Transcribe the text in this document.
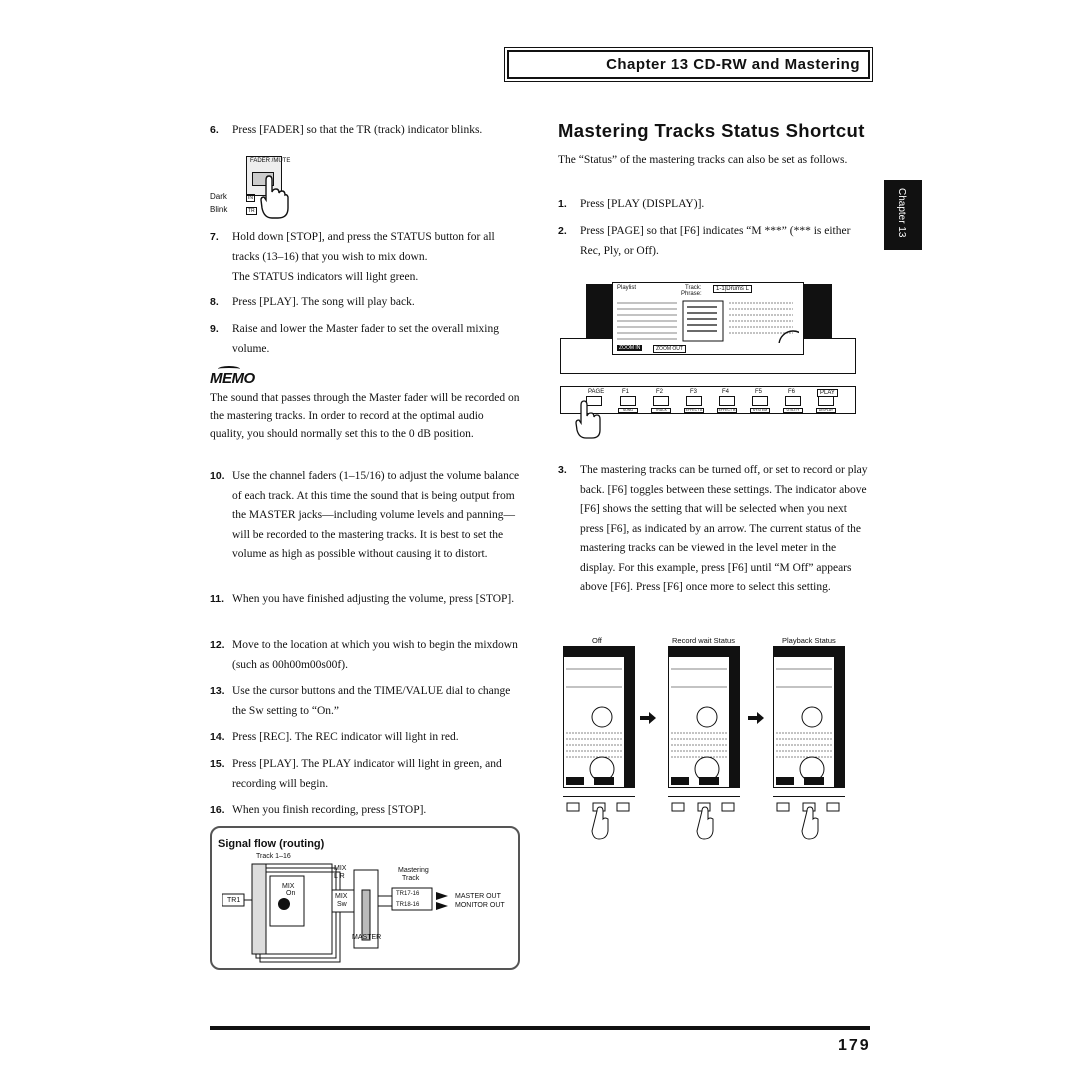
Chapter 13 CD-RW and Mastering
Chapter 13
6.	Press [FADER] so that the TR (track) indicator blinks.
FADER /MUTE
Dark
Blink
IN
TR
7.	Hold down [STOP], and press the STATUS button for all tracks (13–16) that you wish to mix down.
The STATUS indicators will light green.
8.	Press [PLAY]. The song will play back.
9.	Raise and lower the Master fader to set the overall mixing volume.
MEMO
The sound that passes through the Master fader will be recorded on the mastering tracks. In order to record at the optimal audio quality, you should normally set this to the 0 dB position.
10. Use the channel faders (1–15/16) to adjust the volume balance of each track. At this time the sound that is being output from the MASTER jacks—including volume levels and panning—will be recorded to the mastering tracks. It is best to set the volume as high as possible without causing it to distort.
11. When you have finished adjusting the volume, press [STOP].
12. Move to the location at which you wish to begin the mixdown (such as 00h00m00s00f).
13. Use the cursor buttons and the TIME/VALUE dial to change the Sw setting to “On.”
14. Press [REC]. The REC indicator will light in red.
15. Press [PLAY]. The PLAY indicator will light in green, and recording will begin.
16. When you finish recording, press [STOP].
Signal flow (routing)
Track 1–16
MIX
On
TR1
MIX
L R
MIX
Sw
MASTER
Mastering
Track
TR17-16
TR18-16
MASTER OUT
MONITOR OUT
Mastering Tracks Status Shortcut
The “Status” of the mastering tracks can also be set as follows.
1.	Press [PLAY (DISPLAY)].
2.	Press [PAGE] so that [F6] indicates “M ***” (*** is either Rec, Ply, or Off).
Playlist	Track:
Phrase:
1-1|Drums L
ZOOM IN	ZOOM OUT
PAGE	F1	F2	F3	F4	F5	F6	PLAY
SONG	TRACK	EFFECT A	EFFECT B	SYSTEM	UTILITY	DISPLAY
3.	The mastering tracks can be turned off, or set to record or play back. [F6] toggles between these settings. The indicator above [F6] shows the setting that will be selected when you next press [F6], as indicated by an arrow. The current status of the mastering tracks can be viewed in the level meter in the display. For this example, press [F6] until “M Off” appears above [F6]. Press [F6] once more to select this setting.
Off	Record wait Status	Playback Status
179
